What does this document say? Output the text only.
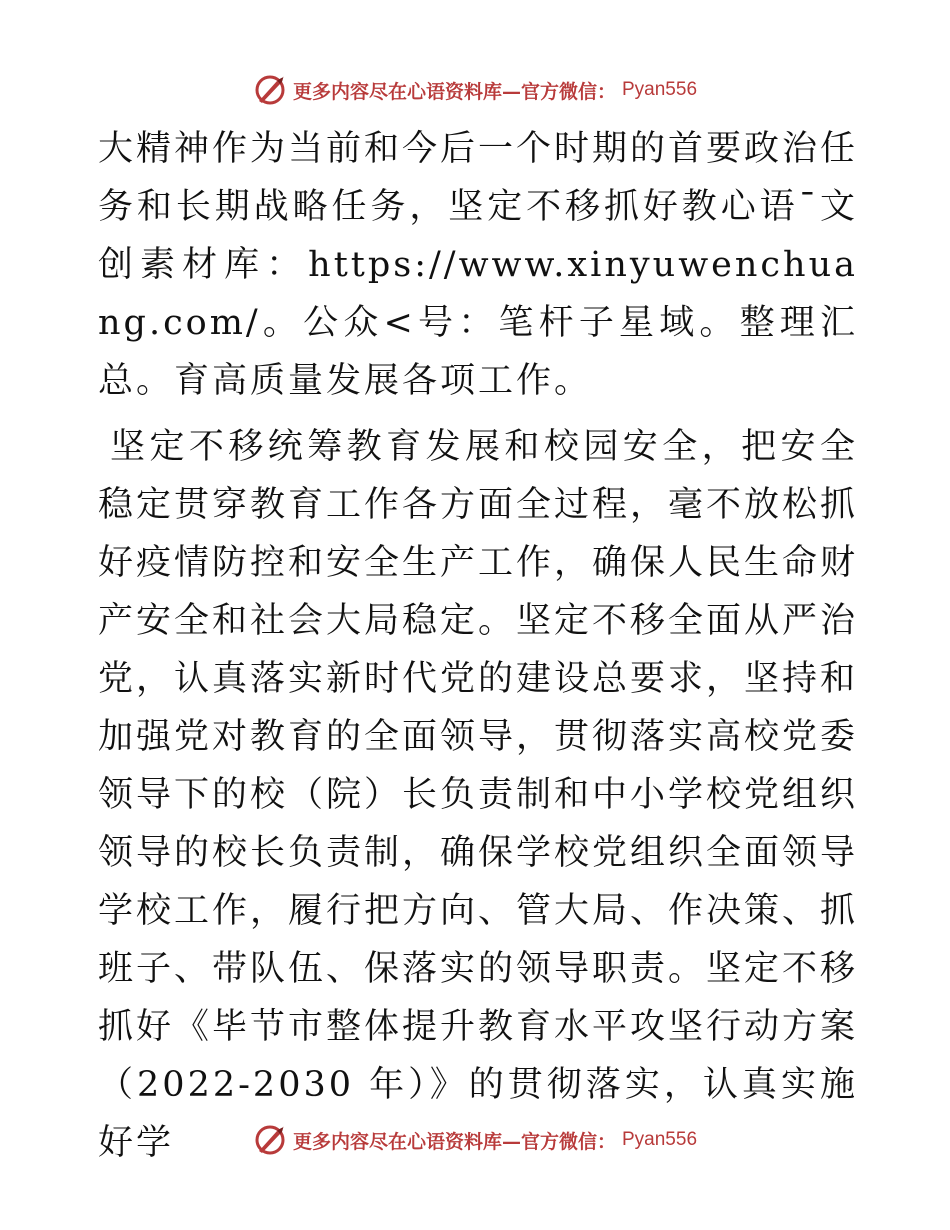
更多内容尽在心语资料库—官方微信： Pyan556

大精神作为当前和今后一个时期的首要政治任务和长期战略任务，坚定不移抓好教心语¯文创素材库：https://www.xinyuwenchuang.com/。公众<号：笔杆子星域。整理汇总。育高质量发展各项工作。

坚定不移统筹教育发展和校园安全，把安全稳定贯穿教育工作各方面全过程，毫不放松抓好疫情防控和安全生产工作，确保人民生命财产安全和社会大局稳定。坚定不移全面从严治党，认真落实新时代党的建设总要求，坚持和加强党对教育的全面领导，贯彻落实高校党委领导下的校（院）长负责制和中小学校党组织领导的校长负责制，确保学校党组织全面领导学校工作，履行把方向、管大局、作决策、抓班子、带队伍、保落实的领导职责。坚定不移抓好《毕节市整体提升教育水平攻坚行动方案（2022-2030 年）》的贯彻落实，认真实施好学	更多内容尽在心语资料库—官方微信： Pyan556
